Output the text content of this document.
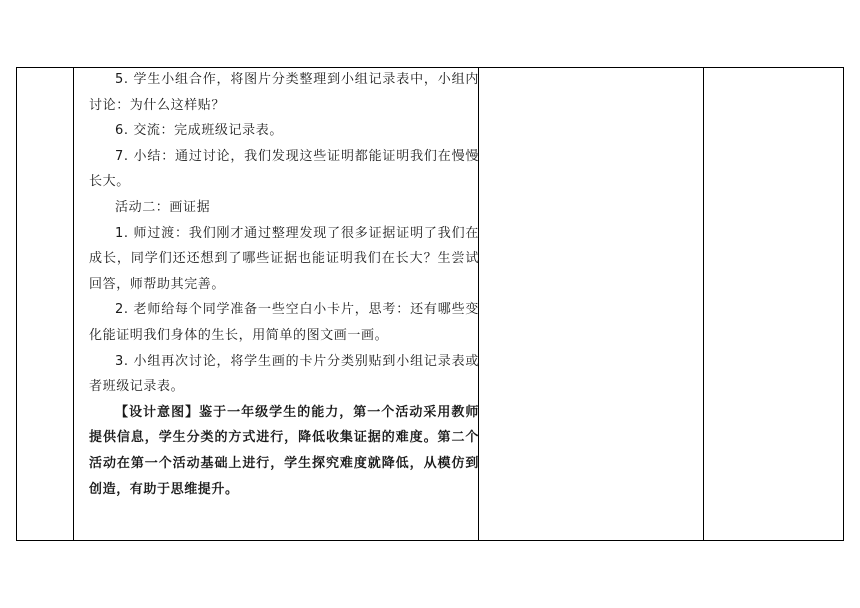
5. 学生小组合作，将图片分类整理到小组记录表中，小组内讨论：为什么这样贴？

6. 交流：完成班级记录表。

7. 小结：通过讨论，我们发现这些证明都能证明我们在慢慢长大。

活动二：画证据

1. 师过渡：我们刚才通过整理发现了很多证据证明了我们在成长，同学们还还想到了哪些证据也能证明我们在长大？生尝试回答，师帮助其完善。

2. 老师给每个同学准备一些空白小卡片，思考：还有哪些变化能证明我们身体的生长，用简单的图文画一画。

3. 小组再次讨论，将学生画的卡片分类别贴到小组记录表或者班级记录表。

【设计意图】鉴于一年级学生的能力，第一个活动采用教师提供信息，学生分类的方式进行，降低收集证据的难度。第二个活动在第一个活动基础上进行，学生探究难度就降低，从模仿到创造，有助于思维提升。
